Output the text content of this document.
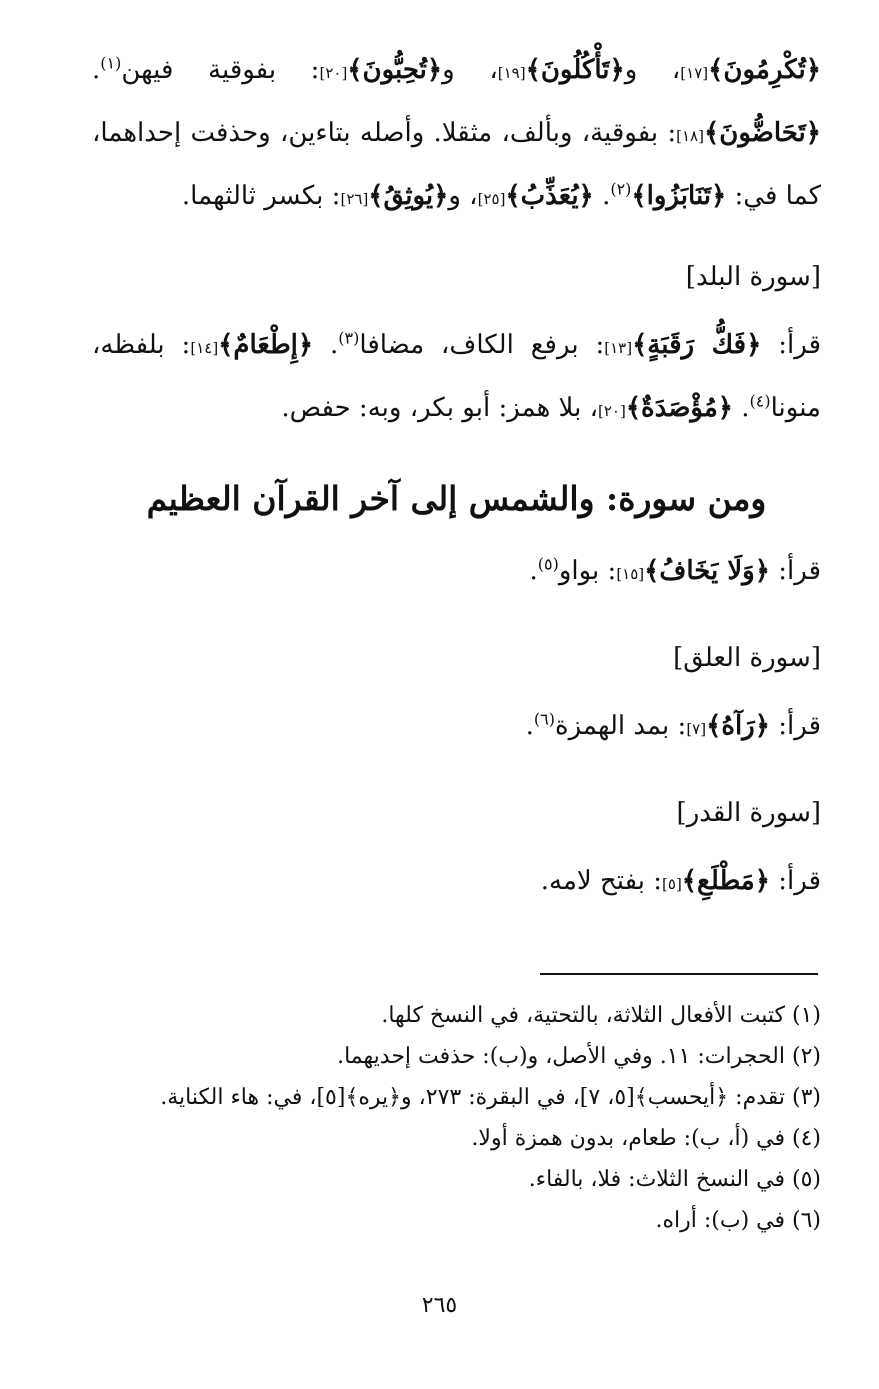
﴿تُكْرِمُونَ﴾[١٧]، و﴿تَأْكُلُونَ﴾[١٩]، و﴿تُحِبُّونَ﴾[٢٠]: بفوقية فيهن$^{(١)}$. ﴿تَحَاضُّونَ﴾[١٨]: بفوقية، وبألف، مثقلا. وأصله بتاءين، وحذفت إحداهما، كما في: ﴿تَنَابَزُوا﴾$^{(٢)}$. ﴿يُعَذِّبُ﴾[٢٥]، و﴿يُوثِقُ﴾[٢٦]: بكسر ثالثهما.

[سورة البلد]

قرأ: ﴿فَكُّ رَقَبَةٍ﴾[١٣]: برفع الكاف، مضافا$^{(٣)}$. ﴿إِطْعَامٌ﴾[١٤]: بلفظه، منونا$^{(٤)}$. ﴿مُؤْصَدَةٌ﴾[٢٠]، بلا همز: أبو بكر، وبه: حفص.

ومن سورة: والشمس إلى آخر القرآن العظيم

قرأ: ﴿وَلَا يَخَافُ﴾[١٥]: بواو$^{(٥)}$.

[سورة العلق]

قرأ: ﴿رَآهُ﴾[٧]: بمد الهمزة$^{(٦)}$.

[سورة القدر]

قرأ: ﴿مَطْلَعِ﴾[٥]: بفتح لامه.

(١) كتبت الأفعال الثلاثة، بالتحتية، في النسخ كلها.

(٢) الحجرات: ١١. وفي الأصل، و(ب): حذفت إحديهما.

(٣) تقدم: ﴿أيحسب﴾[٥، ٧]، في البقرة: ٢٧٣، و﴿يره﴾[٥]، في: هاء الكناية.

(٤) في (أ، ب): طعام، بدون همزة أولا.

(٥) في النسخ الثلاث: فلا، بالفاء.

(٦) في (ب): أراه.

٢٦٥
